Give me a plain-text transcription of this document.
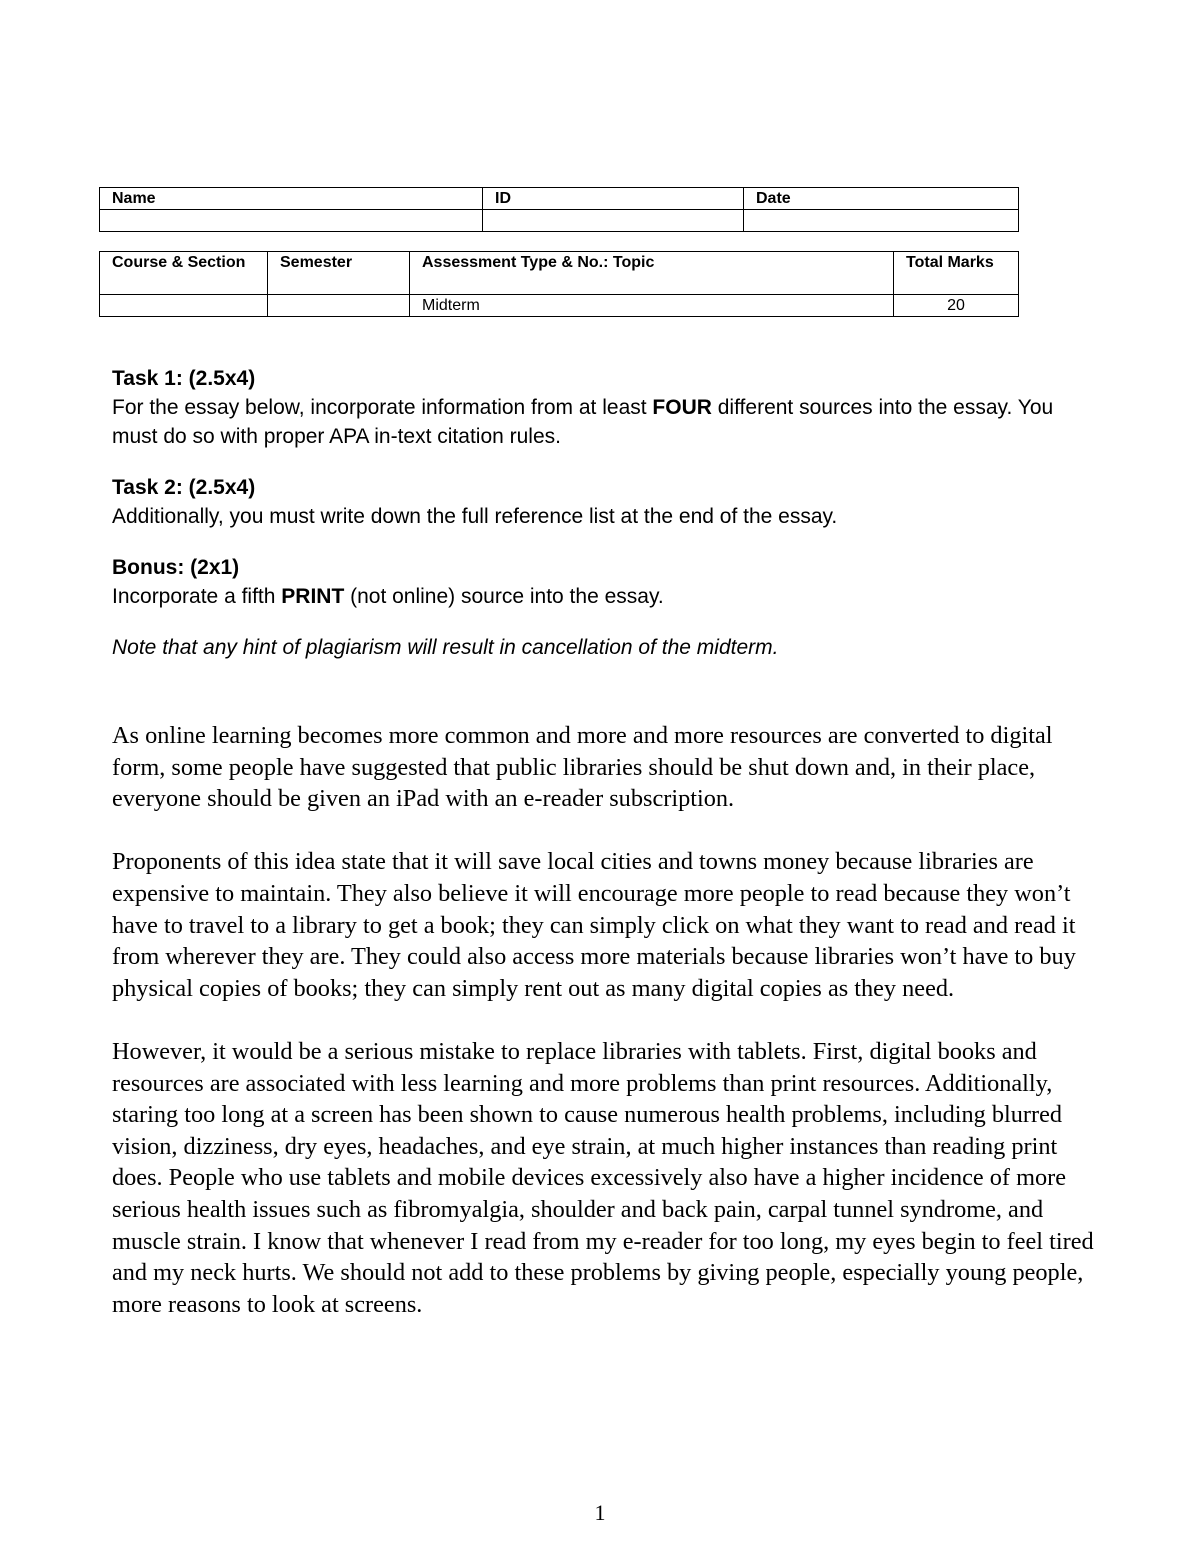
Name	ID	Date

Course & Section	Semester	Assessment Type & No.: Topic	Total Marks
		Midterm	20

Task 1: (2.5x4)

For the essay below, incorporate information from at least FOUR different sources into the essay. You must do so with proper APA in-text citation rules.

Task 2: (2.5x4)

Additionally, you must write down the full reference list at the end of the essay.

Bonus: (2x1)

Incorporate a fifth PRINT (not online) source into the essay.

Note that any hint of plagiarism will result in cancellation of the midterm.

As online learning becomes more common and more and more resources are converted to digital form, some people have suggested that public libraries should be shut down and, in their place, everyone should be given an iPad with an e-reader subscription.

Proponents of this idea state that it will save local cities and towns money because libraries are expensive to maintain. They also believe it will encourage more people to read because they won’t have to travel to a library to get a book; they can simply click on what they want to read and read it from wherever they are. They could also access more materials because libraries won’t have to buy physical copies of books; they can simply rent out as many digital copies as they need.

However, it would be a serious mistake to replace libraries with tablets. First, digital books and resources are associated with less learning and more problems than print resources. Additionally, staring too long at a screen has been shown to cause numerous health problems, including blurred vision, dizziness, dry eyes, headaches, and eye strain, at much higher instances than reading print does. People who use tablets and mobile devices excessively also have a higher incidence of more serious health issues such as fibromyalgia, shoulder and back pain, carpal tunnel syndrome, and muscle strain. I know that whenever I read from my e-reader for too long, my eyes begin to feel tired and my neck hurts. We should not add to these problems by giving people, especially young people, more reasons to look at screens.

1
